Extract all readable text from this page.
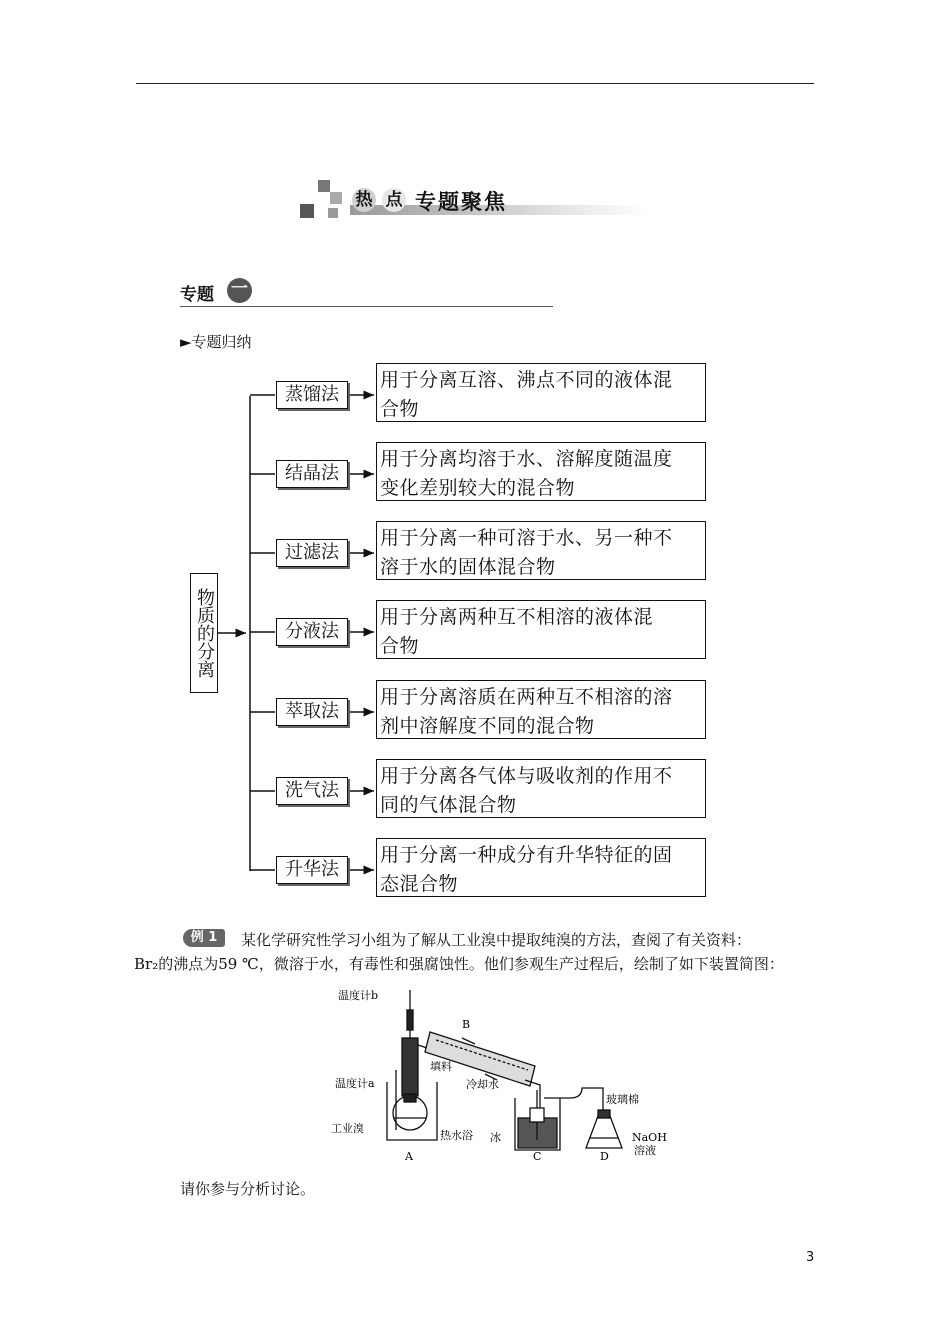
热 点 专题聚焦
专题 一
►专题归纳
物质的分离
蒸馏法
用于分离互溶、沸点不同的液体混
合物
结晶法
用于分离均溶于水、溶解度随温度
变化差别较大的混合物
过滤法
用于分离一种可溶于水、另一种不
溶于水的固体混合物
分液法
用于分离两种互不相溶的液体混
合物
萃取法
用于分离溶质在两种互不相溶的溶
剂中溶解度不同的混合物
洗气法
用于分离各气体与吸收剂的作用不
同的气体混合物
升华法
用于分离一种成分有升华特征的固
态混合物
例 1	某化学研究性学习小组为了解从工业溴中提取纯溴的方法，查阅了有关资料：
Br₂的沸点为59 ℃，微溶于水，有毒性和强腐蚀性。他们参观生产过程后，绘制了如下装置简图：
温度计b
填料
温度计a
工业溴
热水浴
冷却水
冰
玻璃棉
NaOH
溶液
A
B
C	D
请你参与分析讨论。
3
